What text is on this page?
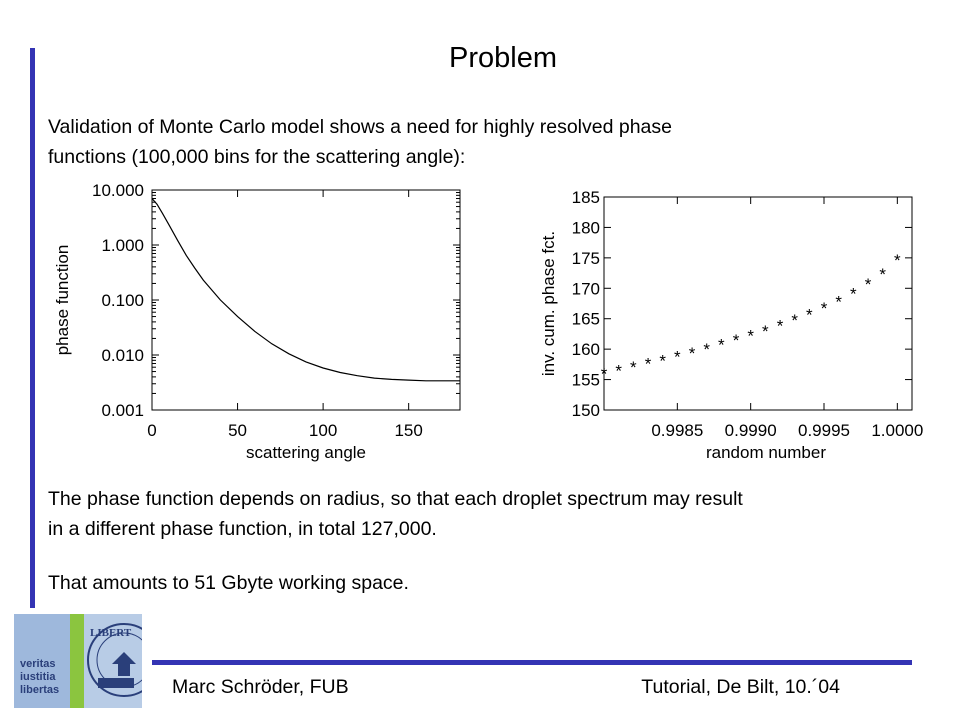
Problem
Validation of Monte Carlo model shows a need for highly resolved phase
functions (100,000 bins for the scattering angle):
0	50	100	150
10.000
1.000
0.100
0.010
0.001
scattering angle
phase function
0.9985 0.9990 0.9995 1.0000
150
155
160
165
170
175
180
185
* * * * * * * * * * * * * * * * * * *
*
*
random number
inv. cum. phase fct.
The phase function depends on radius, so that each droplet spectrum may result
in a different phase function, in total 127,000.
That amounts to 51 Gbyte working space.
LIBERT
veritas
iustitia
libertas	Marc Schröder, FUB	Tutorial, De Bilt, 10.´04
